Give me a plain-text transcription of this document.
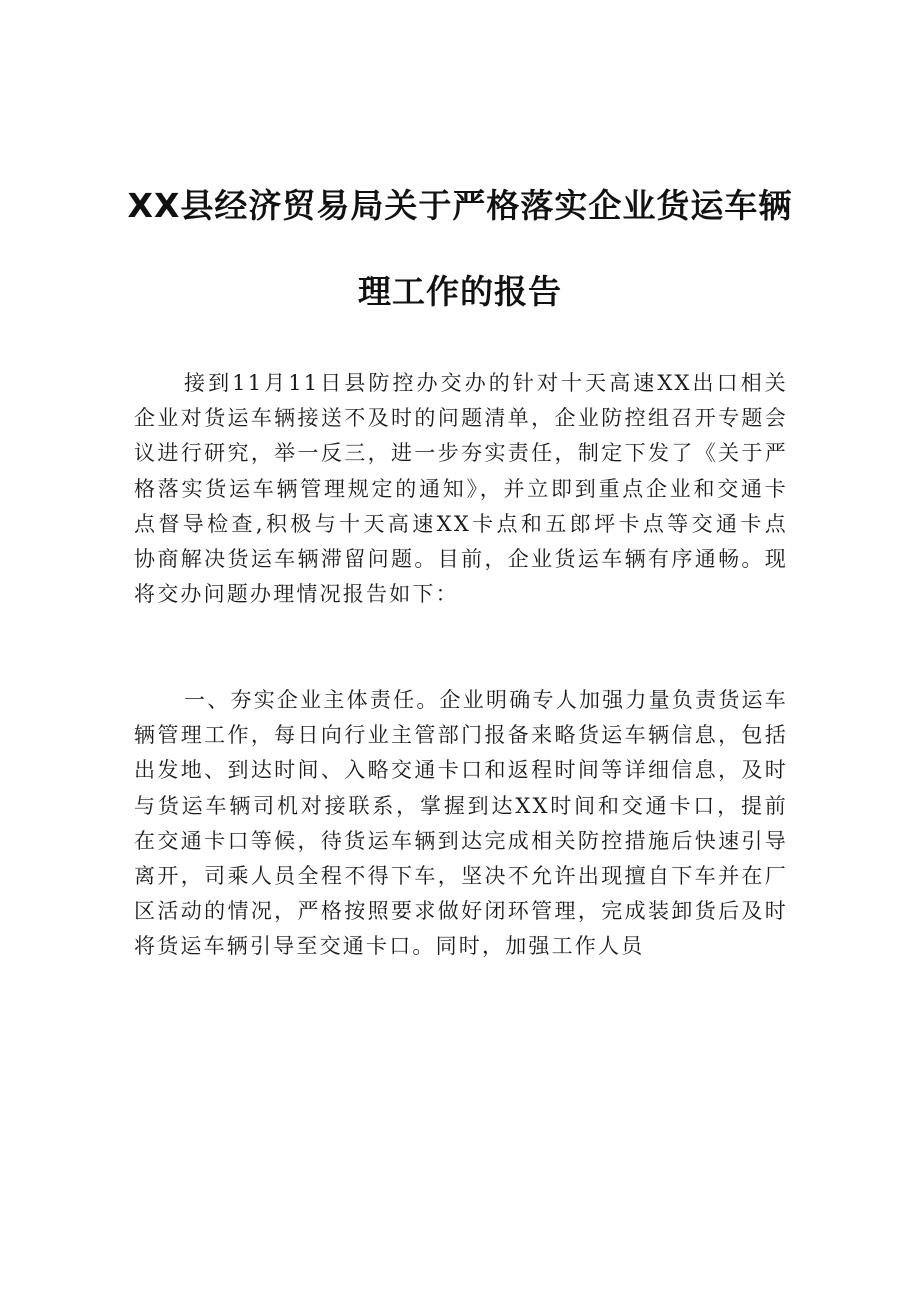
XX县经济贸易局关于严格落实企业货运车辆
理工作的报告
接到11月11日县防控办交办的针对十天高速XX出口相关
企业对货运车辆接送不及时的问题清单，企业防控组召开专题会
议进行研究，举一反三，进一步夯实责任，制定下发了《关于严
格落实货运车辆管理规定的通知》，并立即到重点企业和交通卡
点督导检查,积极与十天高速XX卡点和五郎坪卡点等交通卡点
协商解决货运车辆滞留问题。目前，企业货运车辆有序通畅。现
将交办问题办理情况报告如下：
一、夯实企业主体责任。企业明确专人加强力量负责货运车
辆管理工作，每日向行业主管部门报备来略货运车辆信息，包括
出发地、到达时间、入略交通卡口和返程时间等详细信息，及时
与货运车辆司机对接联系，掌握到达XX时间和交通卡口，提前
在交通卡口等候，待货运车辆到达完成相关防控措施后快速引导
离开，司乘人员全程不得下车，坚决不允许出现擅自下车并在厂
区活动的情况，严格按照要求做好闭环管理，完成装卸货后及时
将货运车辆引导至交通卡口。同时，加强工作人员
